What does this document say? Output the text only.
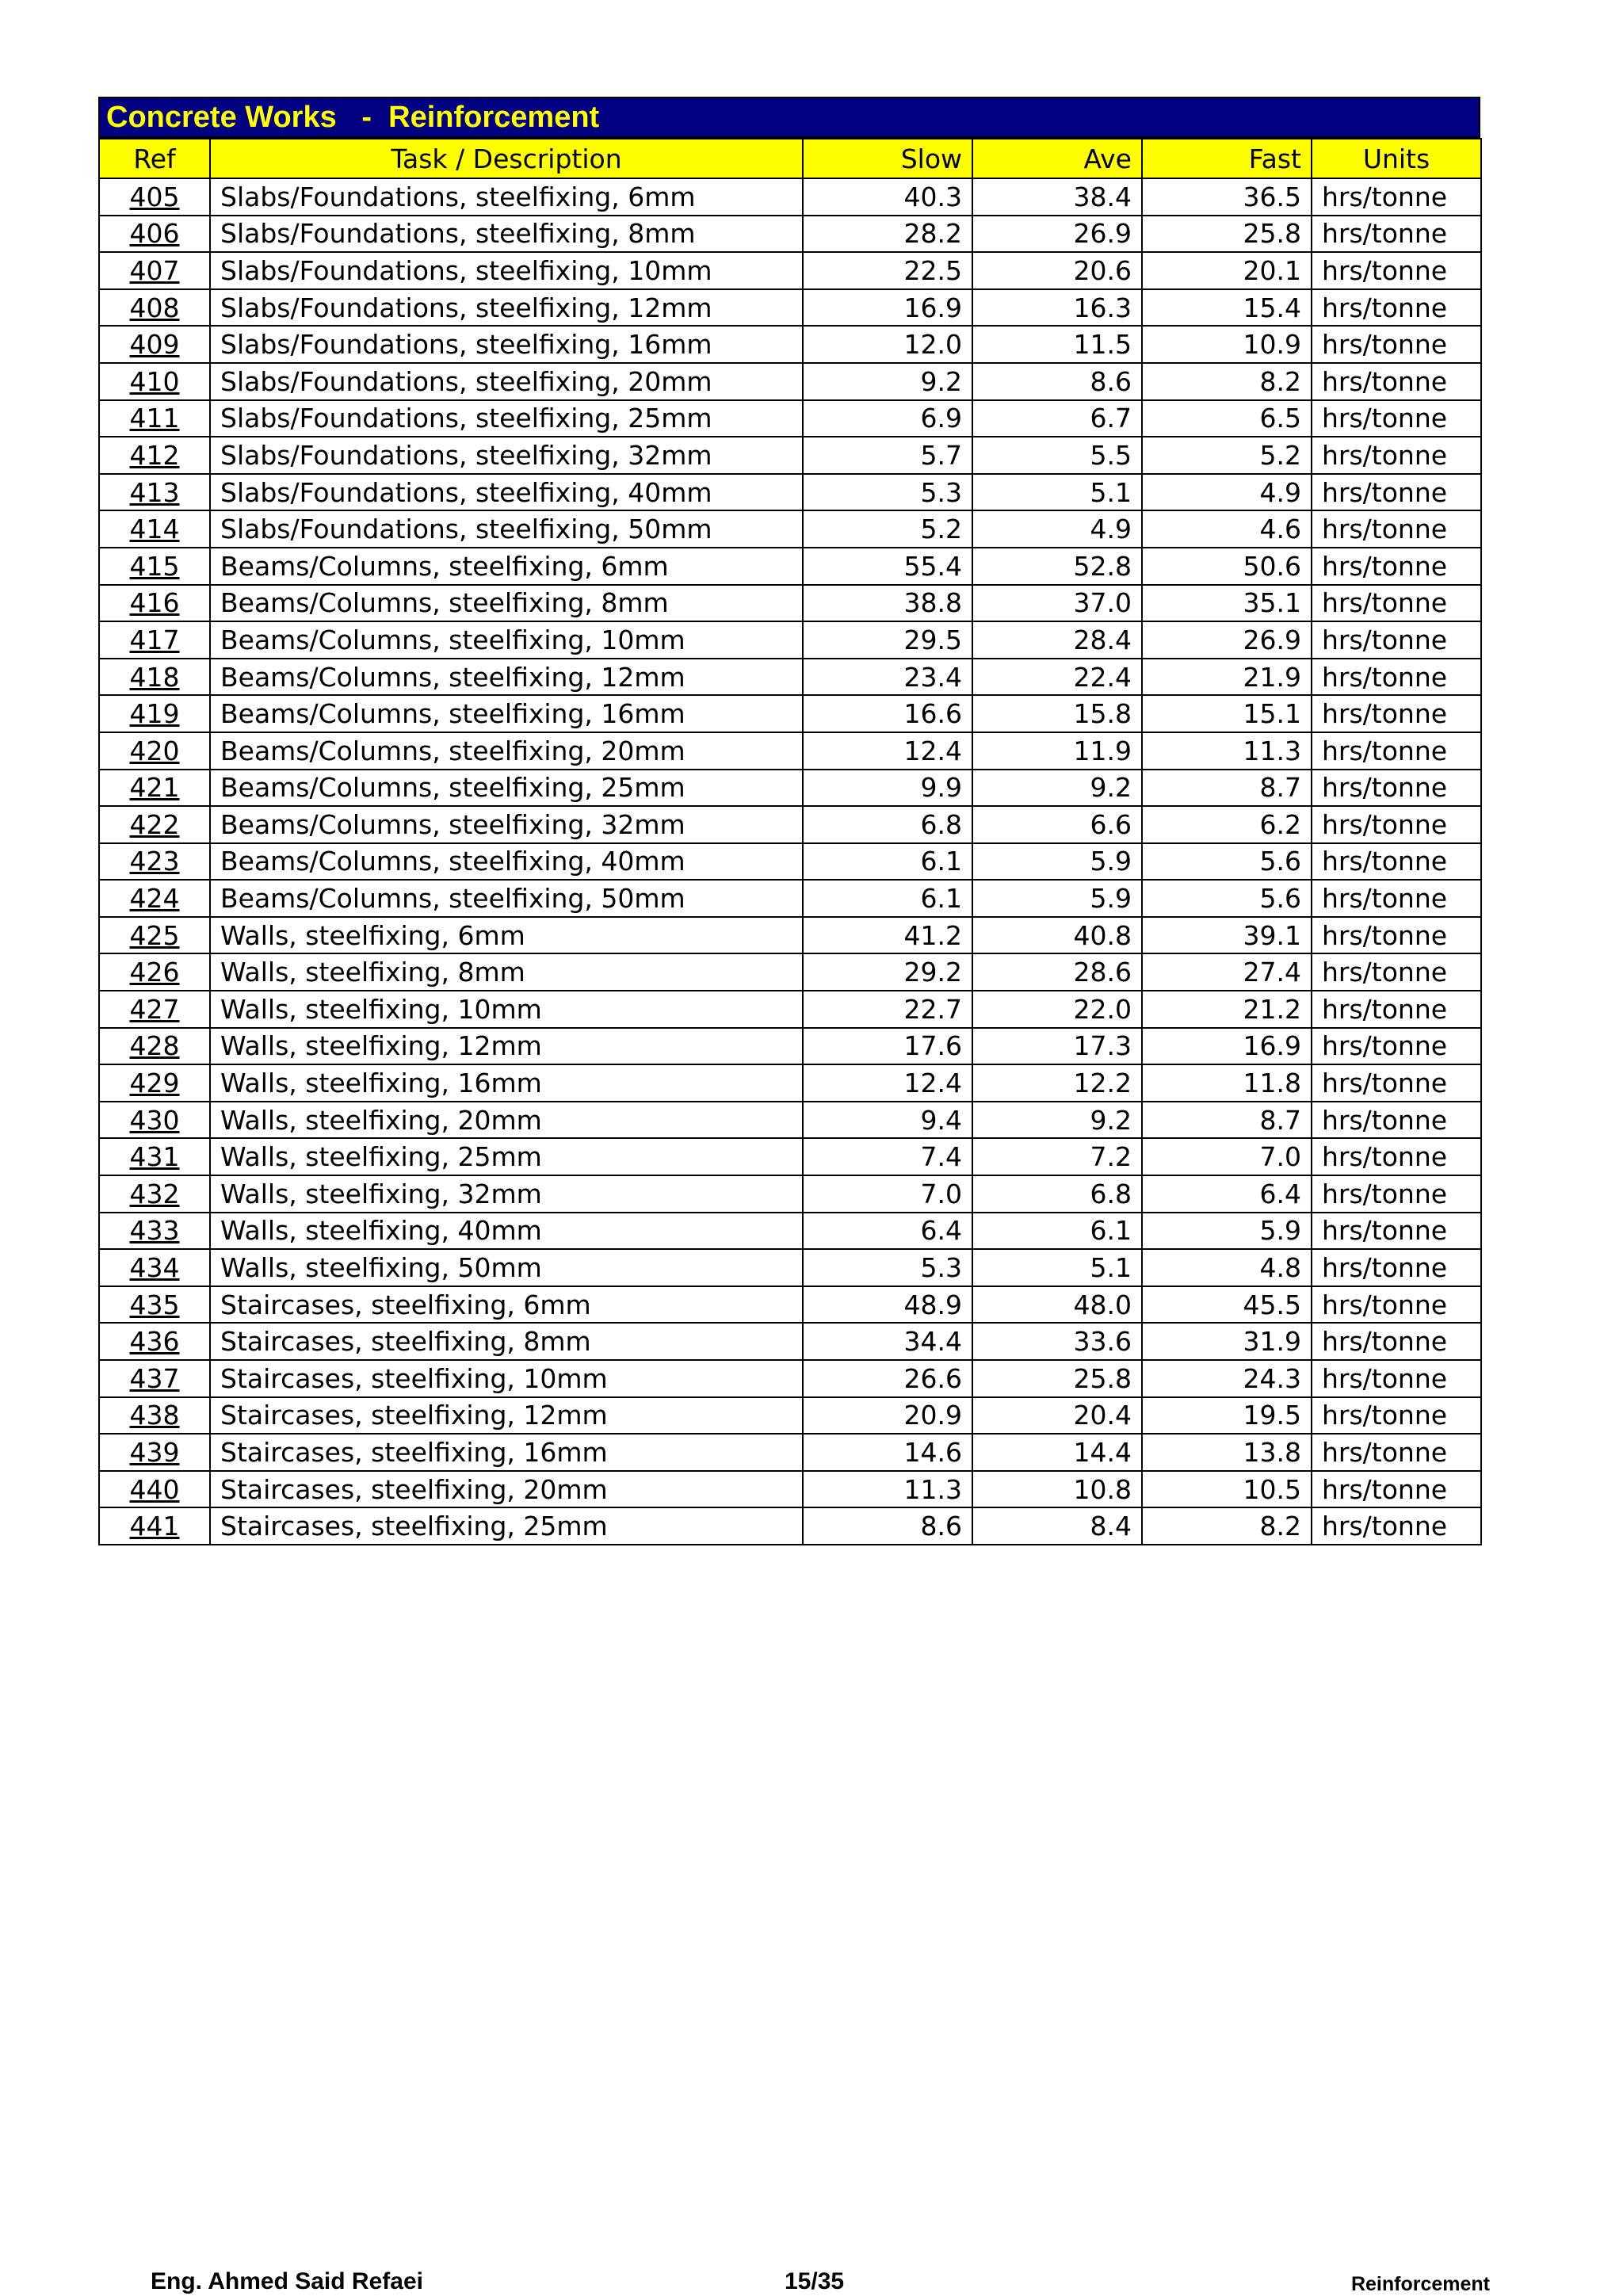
Concrete Works   -  Reinforcement
Ref	Task / Description	Slow	Ave	Fast	Units
405	Slabs/Foundations, steelfixing, 6mm	40.3	38.4	36.5	hrs/tonne
406	Slabs/Foundations, steelfixing, 8mm	28.2	26.9	25.8	hrs/tonne
407	Slabs/Foundations, steelfixing, 10mm	22.5	20.6	20.1	hrs/tonne
408	Slabs/Foundations, steelfixing, 12mm	16.9	16.3	15.4	hrs/tonne
409	Slabs/Foundations, steelfixing, 16mm	12.0	11.5	10.9	hrs/tonne
410	Slabs/Foundations, steelfixing, 20mm	9.2	8.6	8.2	hrs/tonne
411	Slabs/Foundations, steelfixing, 25mm	6.9	6.7	6.5	hrs/tonne
412	Slabs/Foundations, steelfixing, 32mm	5.7	5.5	5.2	hrs/tonne
413	Slabs/Foundations, steelfixing, 40mm	5.3	5.1	4.9	hrs/tonne
414	Slabs/Foundations, steelfixing, 50mm	5.2	4.9	4.6	hrs/tonne
415	Beams/Columns, steelfixing, 6mm	55.4	52.8	50.6	hrs/tonne
416	Beams/Columns, steelfixing, 8mm	38.8	37.0	35.1	hrs/tonne
417	Beams/Columns, steelfixing, 10mm	29.5	28.4	26.9	hrs/tonne
418	Beams/Columns, steelfixing, 12mm	23.4	22.4	21.9	hrs/tonne
419	Beams/Columns, steelfixing, 16mm	16.6	15.8	15.1	hrs/tonne
420	Beams/Columns, steelfixing, 20mm	12.4	11.9	11.3	hrs/tonne
421	Beams/Columns, steelfixing, 25mm	9.9	9.2	8.7	hrs/tonne
422	Beams/Columns, steelfixing, 32mm	6.8	6.6	6.2	hrs/tonne
423	Beams/Columns, steelfixing, 40mm	6.1	5.9	5.6	hrs/tonne
424	Beams/Columns, steelfixing, 50mm	6.1	5.9	5.6	hrs/tonne
425	Walls, steelfixing, 6mm	41.2	40.8	39.1	hrs/tonne
426	Walls, steelfixing, 8mm	29.2	28.6	27.4	hrs/tonne
427	Walls, steelfixing, 10mm	22.7	22.0	21.2	hrs/tonne
428	Walls, steelfixing, 12mm	17.6	17.3	16.9	hrs/tonne
429	Walls, steelfixing, 16mm	12.4	12.2	11.8	hrs/tonne
430	Walls, steelfixing, 20mm	9.4	9.2	8.7	hrs/tonne
431	Walls, steelfixing, 25mm	7.4	7.2	7.0	hrs/tonne
432	Walls, steelfixing, 32mm	7.0	6.8	6.4	hrs/tonne
433	Walls, steelfixing, 40mm	6.4	6.1	5.9	hrs/tonne
434	Walls, steelfixing, 50mm	5.3	5.1	4.8	hrs/tonne
435	Staircases, steelfixing, 6mm	48.9	48.0	45.5	hrs/tonne
436	Staircases, steelfixing, 8mm	34.4	33.6	31.9	hrs/tonne
437	Staircases, steelfixing, 10mm	26.6	25.8	24.3	hrs/tonne
438	Staircases, steelfixing, 12mm	20.9	20.4	19.5	hrs/tonne
439	Staircases, steelfixing, 16mm	14.6	14.4	13.8	hrs/tonne
440	Staircases, steelfixing, 20mm	11.3	10.8	10.5	hrs/tonne
441	Staircases, steelfixing, 25mm	8.6	8.4	8.2	hrs/tonne
Eng. Ahmed Said Refaei	15/35	Reinforcement
